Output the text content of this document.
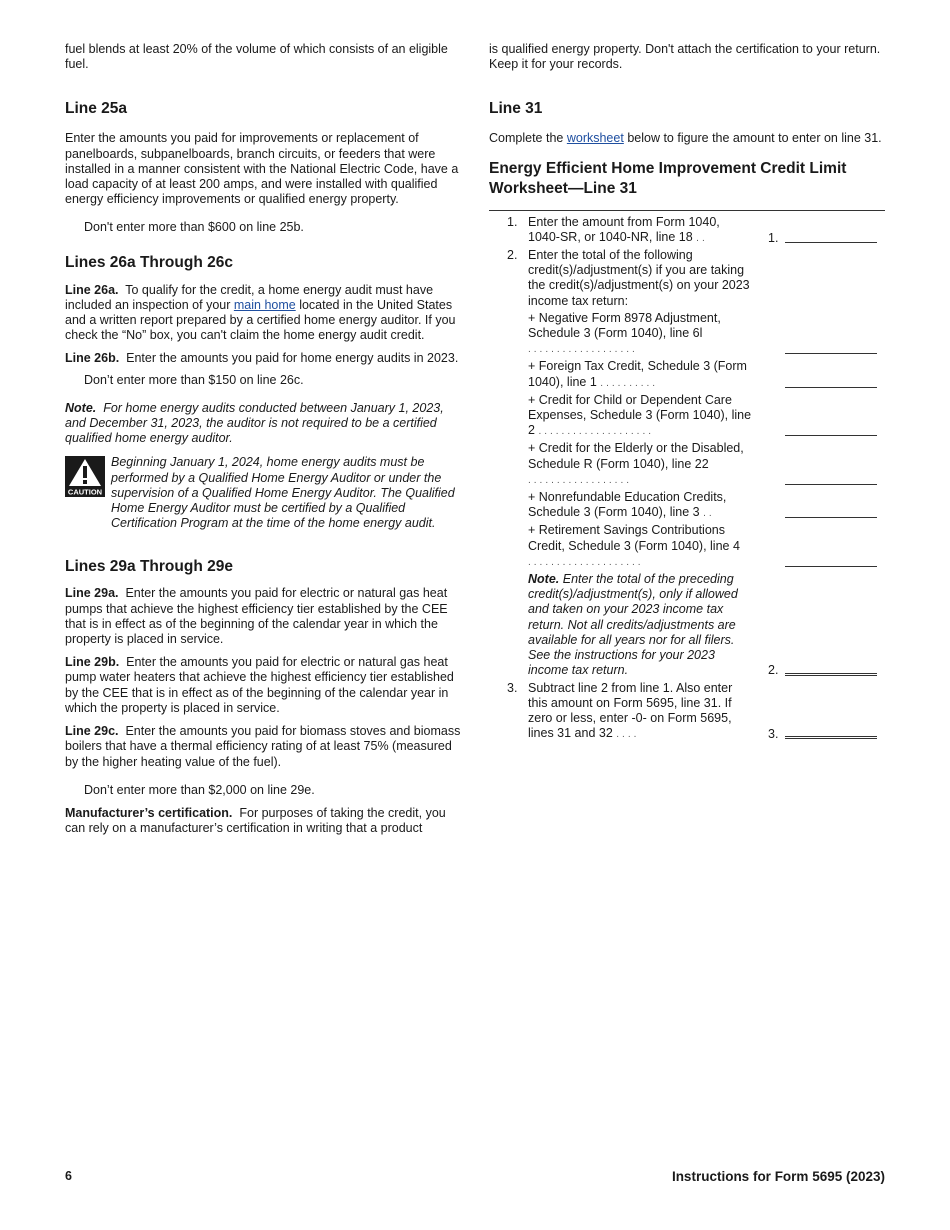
fuel blends at least 20% of the volume of which consists of an eligible fuel.

Line 25a

Enter the amounts you paid for improvements or replacement of panelboards, subpanelboards, branch circuits, or feeders that were installed in a manner consistent with the National Electric Code, have a load capacity of at least 200 amps, and were installed with qualified energy efficiency improvements or qualified energy property.

Don't enter more than $600 on line 25b.

Lines 26a Through 26c

Line 26a. To qualify for the credit, a home energy audit must have included an inspection of your main home located in the United States and a written report prepared by a certified home energy auditor. If you check the “No” box, you can't claim the home energy audit credit.

Line 26b. Enter the amounts you paid for home energy audits in 2023.

Don’t enter more than $150 on line 26c.

Note. For home energy audits conducted between January 1, 2023, and December 31, 2023, the auditor is not required to be a certified qualified home energy auditor.

CAUTION

Beginning January 1, 2024, home energy audits must be performed by a Qualified Home Energy Auditor or under the supervision of a Qualified Home Energy Auditor. The Qualified Home Energy Auditor must be certified by a Qualified Certification Program at the time of the home energy audit.

Lines 29a Through 29e

Line 29a. Enter the amounts you paid for electric or natural gas heat pumps that achieve the highest efficiency tier established by the CEE that is in effect as of the beginning of the calendar year in which the property is placed in service.

Line 29b. Enter the amounts you paid for electric or natural gas heat pump water heaters that achieve the highest efficiency tier established by the CEE that is in effect as of the beginning of the calendar year in which the property is placed in service.

Line 29c. Enter the amounts you paid for biomass stoves and biomass boilers that have a thermal efficiency rating of at least 75% (measured by the higher heating value of the fuel).

Don’t enter more than $2,000 on line 29e.

Manufacturer’s certification. For purposes of taking the credit, you can rely on a manufacturer’s certification in writing that a product

is qualified energy property. Don't attach the certification to your return. Keep it for your records.

Line 31

Complete the worksheet below to figure the amount to enter on line 31.

Energy Efficient Home Improvement Credit Limit Worksheet—Line 31

1. Enter the amount from Form 1040, 1040-SR, or 1040-NR, line 18 ..	1.
2. Enter the total of the following credit(s)/adjustment(s) if you are taking the credit(s)/adjustment(s) on your 2023 income tax return:
+ Negative Form 8978 Adjustment, Schedule 3 (Form 1040), line 6l ...................
+ Foreign Tax Credit, Schedule 3 (Form 1040), line 1 ..........
+ Credit for Child or Dependent Care Expenses, Schedule 3 (Form 1040), line 2 ....................
+ Credit for the Elderly or the Disabled, Schedule R (Form 1040), line 22 ..................
+ Nonrefundable Education Credits, Schedule 3 (Form 1040), line 3 ..
+ Retirement Savings Contributions Credit, Schedule 3 (Form 1040), line 4 ....................
Note. Enter the total of the preceding credit(s)/adjustment(s), only if allowed and taken on your 2023 income tax return. Not all credits/adjustments are available for all years nor for all filers. See the instructions for your 2023 income tax return.	2.
3. Subtract line 2 from line 1. Also enter this amount on Form 5695, line 31. If zero or less, enter -0- on Form 5695, lines 31 and 32 ....	3.
6	Instructions for Form 5695 (2023)
